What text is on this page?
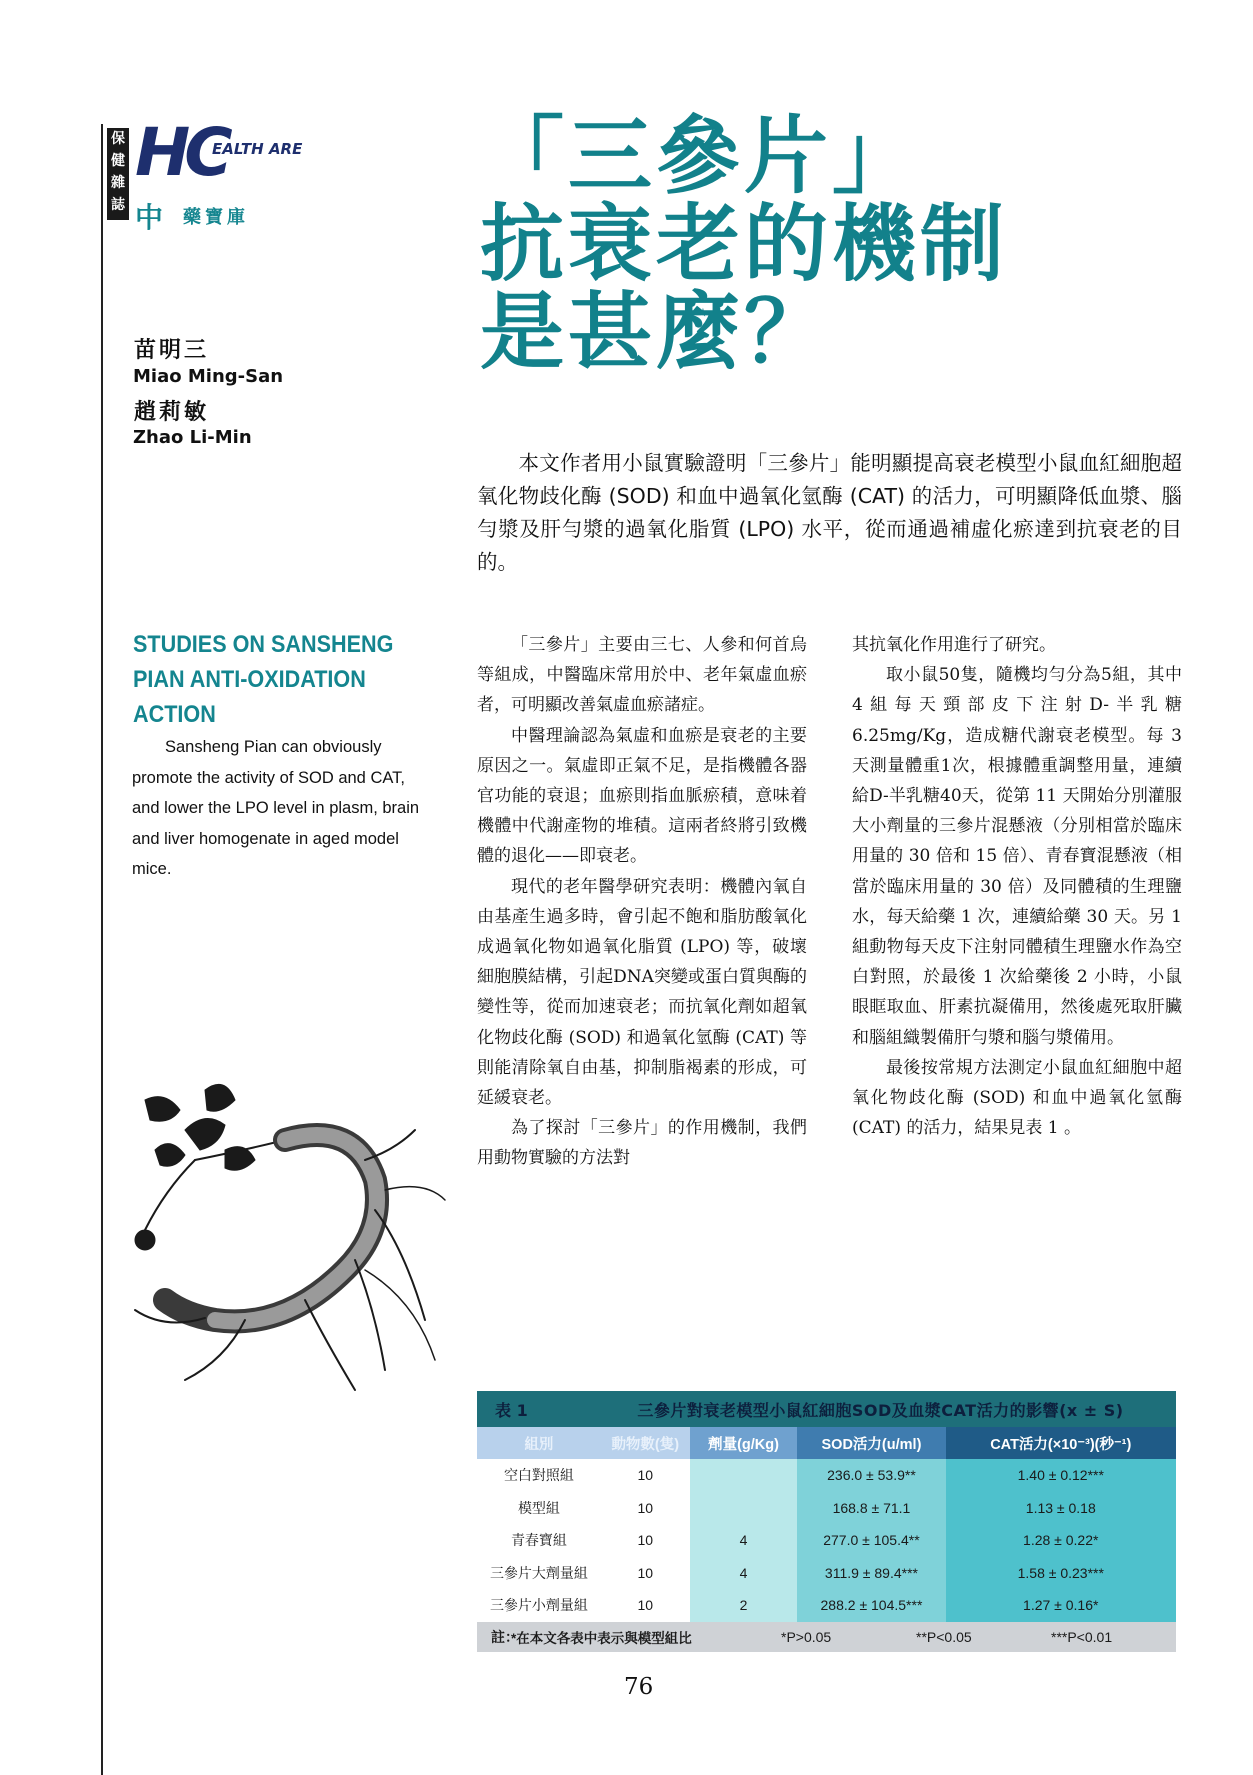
保
健
雜
誌
HC
EALTH ARE
中 藥寶庫
「三參片」
抗衰老的機制
是甚麼？
苗明三
Miao Ming-San
趙莉敏
Zhao Li-Min
　　本文作者用小鼠實驗證明「三參片」能明顯提高衰老模型小鼠血紅細胞超氧化物歧化酶 (SOD) 和血中過氧化氫酶 (CAT) 的活力，可明顯降低血漿、腦勻漿及肝勻漿的過氧化脂質 (LPO) 水平，從而通過補虛化瘀達到抗衰老的目的。
STUDIES ON SANSHENG PIAN ANTI-OXIDATION ACTION
　　Sansheng Pian can obviously promote the activity of SOD and CAT, and lower the LPO level in plasm, brain and liver homogenate in aged model mice.

「三參片」主要由三七、人參和何首烏等組成，中醫臨床常用於中、老年氣虛血瘀者，可明顯改善氣虛血瘀諸症。

中醫理論認為氣虛和血瘀是衰老的主要原因之一。氣虛即正氣不足，是指機體各器官功能的衰退；血瘀則指血脈瘀積，意味着機體中代謝產物的堆積。這兩者終將引致機體的退化——即衰老。

現代的老年醫學研究表明：機體內氧自由基產生過多時，會引起不飽和脂肪酸氧化成過氧化物如過氧化脂質 (LPO) 等，破壞細胞膜結構，引起DNA突變或蛋白質與酶的變性等，從而加速衰老；而抗氧化劑如超氧化物歧化酶 (SOD) 和過氧化氫酶 (CAT) 等則能清除氧自由基，抑制脂褐素的形成，可延緩衰老。

為了探討「三參片」的作用機制，我們用動物實驗的方法對

其抗氧化作用進行了研究。

取小鼠50隻，隨機均勻分為5組，其中4組每天頸部皮下注射D-半乳糖6.25mg/Kg，造成糖代謝衰老模型。每 3 天測量體重1次，根據體重調整用量，連續給D-半乳糖40天，從第 11 天開始分別灌服大小劑量的三參片混懸液（分別相當於臨床用量的 30 倍和 15 倍）、青春寶混懸液（相當於臨床用量的 30 倍）及同體積的生理鹽水，每天給藥 1 次，連續給藥 30 天。另 1 組動物每天皮下注射同體積生理鹽水作為空白對照，於最後 1 次給藥後 2 小時，小鼠眼眶取血、肝素抗凝備用，然後處死取肝臟和腦組織製備肝勻漿和腦勻漿備用。

最後按常規方法測定小鼠血紅細胞中超氧化物歧化酶 (SOD) 和血中過氧化氫酶 (CAT) 的活力，結果見表 1 。

表 1	三參片對衰老模型小鼠紅細胞SOD及血漿CAT活力的影響(x ± S)
組別	動物數(隻)	劑量(g/Kg)	SOD活力(u/ml)	CAT活力(×10⁻³)(秒⁻¹)
空白對照組	10		236.0 ± 53.9**	1.40 ± 0.12***
模型組	10		168.8 ± 71.1	1.13 ± 0.18
青春寶組	10	4	277.0 ± 105.4**	1.28 ± 0.22*
三參片大劑量組	10	4	311.9 ± 89.4***	1.58 ± 0.23***
三參片小劑量組	10	2	288.2 ± 104.5***	1.27 ± 0.16*
註：
*在本文各表中表示與模型組比	*P>0.05	**P<0.05	***P<0.01
76
